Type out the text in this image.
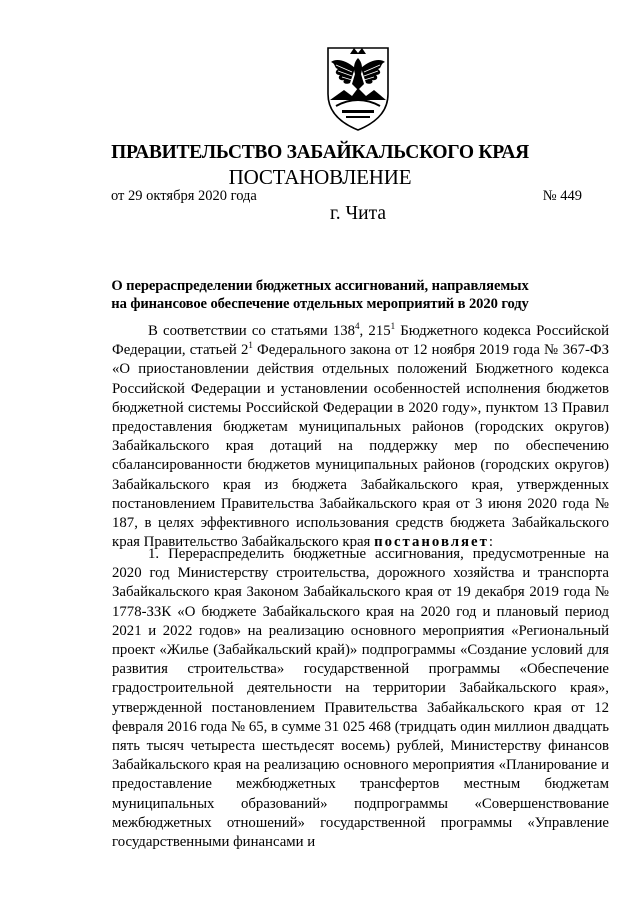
ПРАВИТЕЛЬСТВО ЗАБАЙКАЛЬСКОГО КРАЯ
ПОСТАНОВЛЕНИЕ
от 29 октября 2020 года	№ 449
г. Чита
О перераспределении бюджетных ассигнований, направляемых
на финансовое обеспечение отдельных мероприятий в 2020 году
В соответствии со статьями $138^4$, $215^1$ Бюджетного кодекса Российской Федерации, статьей $2^1$ Федерального закона от 12 ноября 2019 года № 367-ФЗ «О приостановлении действия отдельных положений Бюджетного кодекса Российской Федерации и установлении особенностей исполнения бюджетов бюджетной системы Российской Федерации в 2020 году», пунктом 13 Правил предоставления бюджетам муниципальных районов (городских округов) Забайкальского края дотаций на поддержку мер по обеспечению сбалансированности бюджетов муниципальных районов (городских округов) Забайкальского края из бюджета Забайкальского края, утвержденных постановлением Правительства Забайкальского края от 3 июня 2020 года № 187, в целях эффективного использования средств бюджета Забайкальского края Правительство Забайкальского края постановляет:
1. Перераспределить бюджетные ассигнования, предусмотренные на 2020 год Министерству строительства, дорожного хозяйства и транспорта Забайкальского края Законом Забайкальского края от 19 декабря 2019 года № 1778-ЗЗК «О бюджете Забайкальского края на 2020 год и плановый период 2021 и 2022 годов» на реализацию основного мероприятия «Региональный проект «Жилье (Забайкальский край)» подпрограммы «Создание условий для развития строительства» государственной программы «Обеспечение градостроительной деятельности на территории Забайкальского края», утвержденной постановлением Правительства Забайкальского края от 12 февраля 2016 года № 65, в сумме 31 025 468 (тридцать один миллион двадцать пять тысяч четыреста шестьдесят восемь) рублей, Министерству финансов Забайкальского края на реализацию основного мероприятия «Планирование и предоставление межбюджетных трансфертов местным бюджетам муниципальных образований» подпрограммы «Совершенствование межбюджетных отношений» государственной программы «Управление государственными финансами и
